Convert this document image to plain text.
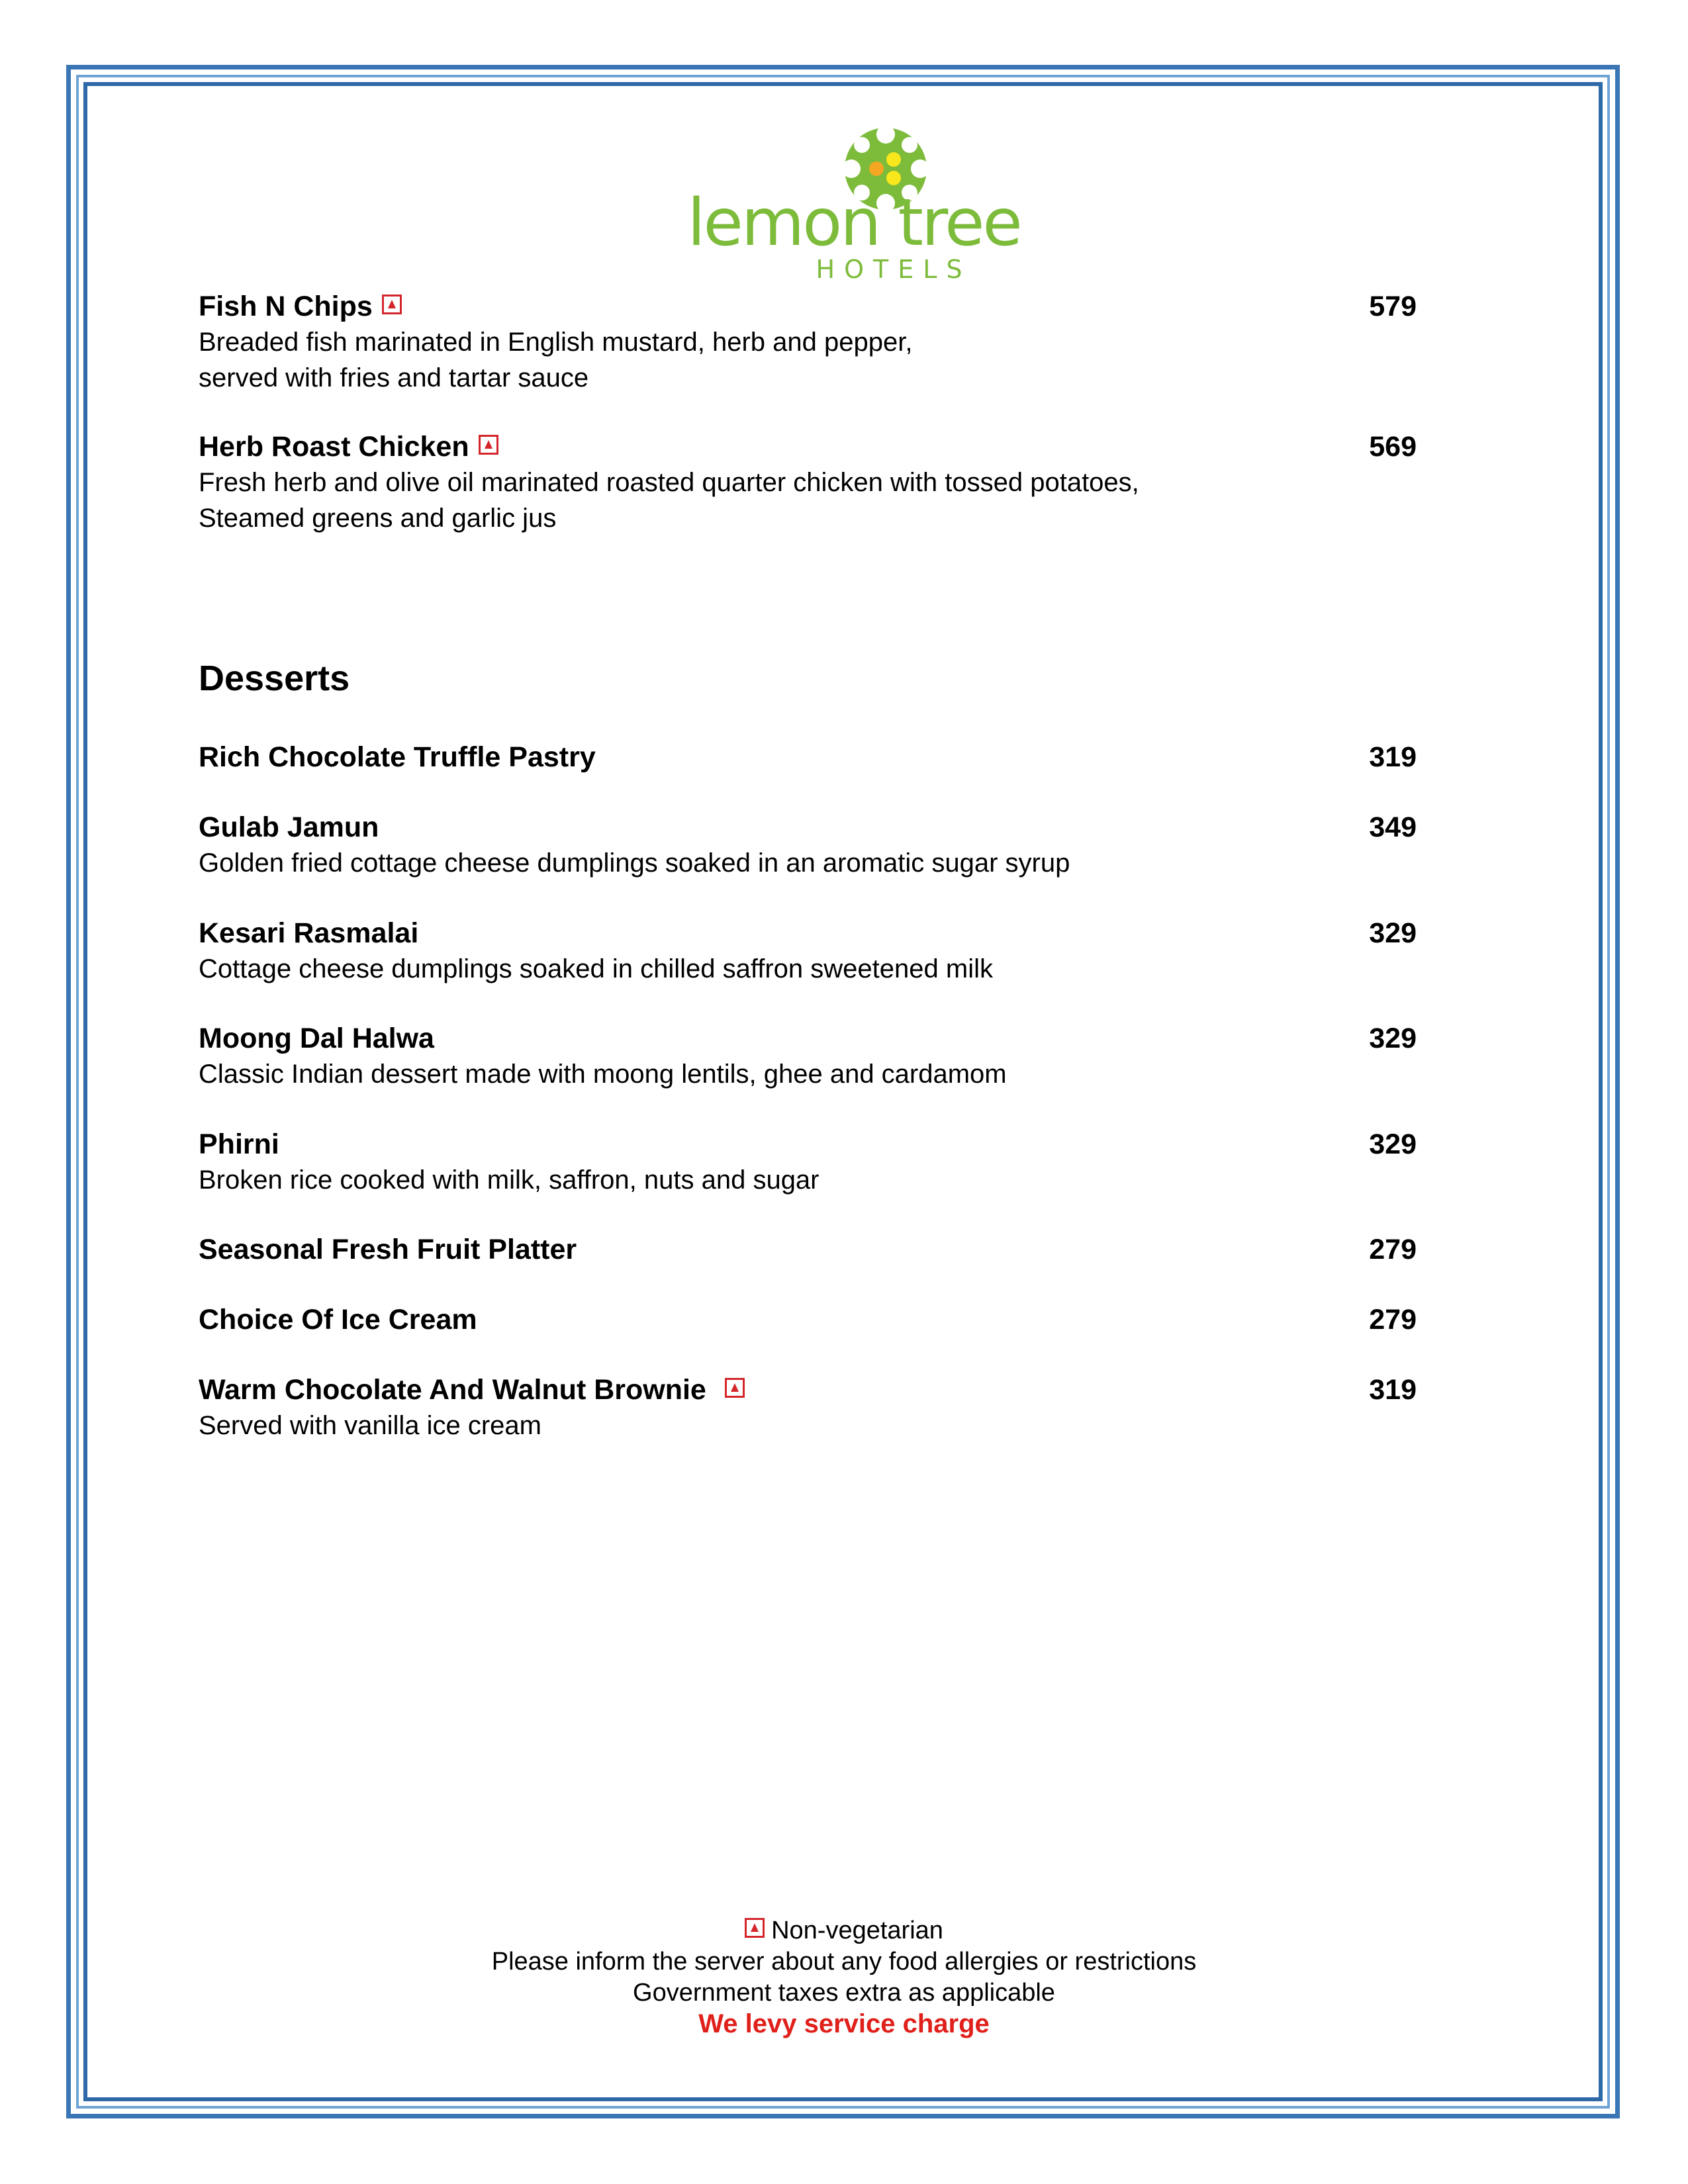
lemon tree
HOTELS
Fish N Chips	579
Breaded fish marinated in English mustard, herb and pepper,
served with fries and tartar sauce
Herb Roast Chicken	569
Fresh herb and olive oil marinated roasted quarter chicken with tossed potatoes,
Steamed greens and garlic jus
Desserts
Rich Chocolate Truffle Pastry	319
Gulab Jamun	349
Golden fried cottage cheese dumplings soaked in an aromatic sugar syrup
Kesari Rasmalai	329
Cottage cheese dumplings soaked in chilled saffron sweetened milk
Moong Dal Halwa	329
Classic Indian dessert made with moong lentils, ghee and cardamom
Phirni	329
Broken rice cooked with milk, saffron, nuts and sugar
Seasonal Fresh Fruit Platter	279
Choice Of Ice Cream	279
Warm Chocolate And Walnut Brownie	319
Served with vanilla ice cream
Non-vegetarian
Please inform the server about any food allergies or restrictions
Government taxes extra as applicable
We levy service charge
